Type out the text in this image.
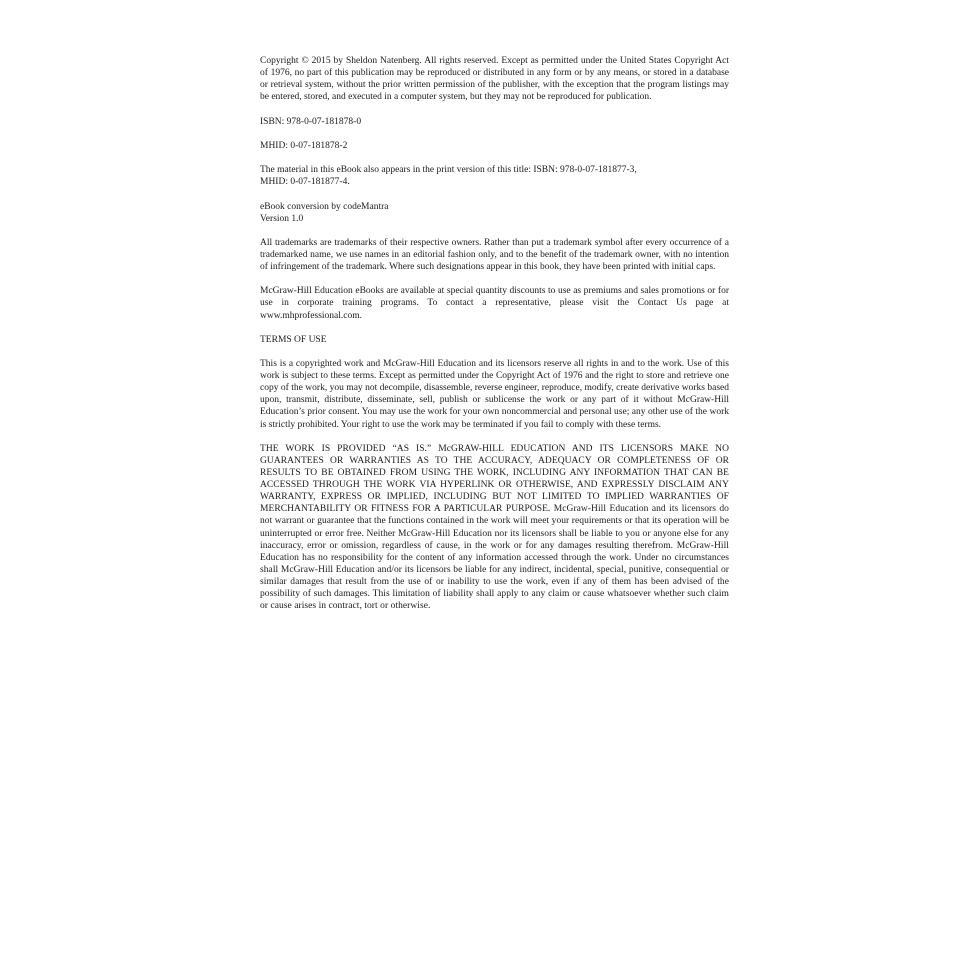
Copyright © 2015 by Sheldon Natenberg. All rights reserved. Except as permitted under the United States Copyright Act of 1976, no part of this publication may be reproduced or distributed in any form or by any means, or stored in a database or retrieval system, without the prior written permission of the publisher, with the exception that the program listings may be entered, stored, and executed in a computer system, but they may not be reproduced for publication.

ISBN: 978-0-07-181878-0

MHID: 0-07-181878-2

The material in this eBook also appears in the print version of this title: ISBN: 978-0-07-181877-3,
MHID: 0-07-181877-4.

eBook conversion by codeMantra
Version 1.0

All trademarks are trademarks of their respective owners. Rather than put a trademark symbol after every occurrence of a trademarked name, we use names in an editorial fashion only, and to the benefit of the trademark owner, with no intention of infringement of the trademark. Where such designations appear in this book, they have been printed with initial caps.

McGraw-Hill Education eBooks are available at special quantity discounts to use as premiums and sales promotions or for use in corporate training programs. To contact a representative, please visit the Contact Us page at www.mhprofessional.com.

TERMS OF USE

This is a copyrighted work and McGraw-Hill Education and its licensors reserve all rights in and to the work. Use of this work is subject to these terms. Except as permitted under the Copyright Act of 1976 and the right to store and retrieve one copy of the work, you may not decompile, disassemble, reverse engineer, reproduce, modify, create derivative works based upon, transmit, distribute, disseminate, sell, publish or sublicense the work or any part of it without McGraw-Hill Education’s prior consent. You may use the work for your own noncommercial and personal use; any other use of the work is strictly prohibited. Your right to use the work may be terminated if you fail to comply with these terms.

THE WORK IS PROVIDED “AS IS.” McGRAW-HILL EDUCATION AND ITS LICENSORS MAKE NO GUARANTEES OR WARRANTIES AS TO THE ACCURACY, ADEQUACY OR COMPLETENESS OF OR RESULTS TO BE OBTAINED FROM USING THE WORK, INCLUDING ANY INFORMATION THAT CAN BE ACCESSED THROUGH THE WORK VIA HYPERLINK OR OTHERWISE, AND EXPRESSLY DISCLAIM ANY WARRANTY, EXPRESS OR IMPLIED, INCLUDING BUT NOT LIMITED TO IMPLIED WARRANTIES OF MERCHANTABILITY OR FITNESS FOR A PARTICULAR PURPOSE. McGraw-Hill Education and its licensors do not warrant or guarantee that the functions contained in the work will meet your requirements or that its operation will be uninterrupted or error free. Neither McGraw-Hill Education nor its licensors shall be liable to you or anyone else for any inaccuracy, error or omission, regardless of cause, in the work or for any damages resulting therefrom. McGraw-Hill Education has no responsibility for the content of any information accessed through the work. Under no circumstances shall McGraw-Hill Education and/or its licensors be liable for any indirect, incidental, special, punitive, consequential or similar damages that result from the use of or inability to use the work, even if any of them has been advised of the possibility of such damages. This limitation of liability shall apply to any claim or cause whatsoever whether such claim or cause arises in contract, tort or otherwise.
